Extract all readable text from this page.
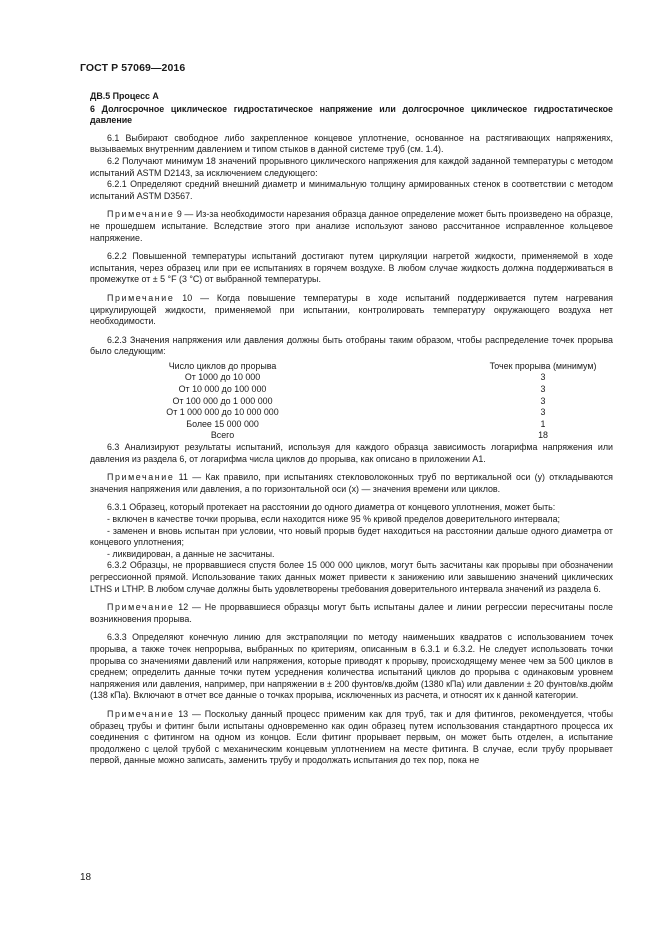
ГОСТ Р 57069—2016

ДВ.5 Процесс А

6 Долгосрочное циклическое гидростатическое напряжение или долгосрочное циклическое гидростатическое давление

6.1 Выбирают свободное либо закрепленное концевое уплотнение, основанное на растягивающих напряжениях, вызываемых внутренним давлением и типом стыков в данной системе труб (см. 1.4).

6.2 Получают минимум 18 значений прорывного циклического напряжения для каждой заданной температуры с методом испытаний ASTM D2143, за исключением следующего:

6.2.1 Определяют средний внешний диаметр и минимальную толщину армированных стенок в соответствии с методом испытаний ASTM D3567.

Примечание 9 — Из-за необходимости нарезания образца данное определение может быть произведено на образце, не прошедшем испытание. Вследствие этого при анализе используют заново рассчитанное исправленное кольцевое напряжение.

6.2.2 Повышенной температуры испытаний достигают путем циркуляции нагретой жидкости, применяемой в ходе испытания, через образец или при ее испытаниях в горячем воздухе. В любом случае жидкость должна поддерживаться в промежутке от ± 5 °F (3 °C) от выбранной температуры.

Примечание 10 — Когда повышение температуры в ходе испытаний поддерживается путем нагревания циркулирующей жидкости, применяемой при испытании, контролировать температуру окружающего воздуха нет необходимости.

6.2.3 Значения напряжения или давления должны быть отобраны таким образом, чтобы распределение точек прорыва было следующим:

Число циклов до прорыва	Точек прорыва (минимум)
От 1000 до 10 000	3
От 10 000 до 100 000	3
От 100 000 до 1 000 000	3
От 1 000 000 до 10 000 000	3
Более 15 000 000	1
Всего	18

6.3 Анализируют результаты испытаний, используя для каждого образца зависимость логарифма напряжения или давления из раздела 6, от логарифма числа циклов до прорыва, как описано в приложении А1.

Примечание 11 — Как правило, при испытаниях стекловолоконных труб по вертикальной оси (y) откладываются значения напряжения или давления, а по горизонтальной оси (x) — значения времени или циклов.

6.3.1 Образец, который протекает на расстоянии до одного диаметра от концевого уплотнения, может быть:

- включен в качестве точки прорыва, если находится ниже 95 % кривой пределов доверительного интервала;

- заменен и вновь испытан при условии, что новый прорыв будет находиться на расстоянии дальше одного диаметра от концевого уплотнения;

- ликвидирован, а данные не засчитаны.

6.3.2 Образцы, не прорвавшиеся спустя более 15 000 000 циклов, могут быть засчитаны как прорывы при обозначении регрессионной прямой. Использование таких данных может привести к занижению или завышению значений циклических LTHS и LTHP. В любом случае должны быть удовлетворены требования доверительного интервала значений из раздела 6.

Примечание 12 — Не прорвавшиеся образцы могут быть испытаны далее и линии регрессии пересчитаны после возникновения прорыва.

6.3.3 Определяют конечную линию для экстраполяции по методу наименьших квадратов с использованием точек прорыва, а также точек непрорыва, выбранных по критериям, описанным в 6.3.1 и 6.3.2. Не следует использовать точки прорыва со значениями давлений или напряжения, которые приводят к прорыву, происходящему менее чем за 500 циклов в среднем; определить данные точки путем усреднения количества испытаний циклов до прорыва с одинаковым уровнем напряжения или давления, например, при напряжении в ± 200 фунтов/кв.дюйм (1380 кПа) или давлении ± 20 фунтов/кв.дюйм (138 кПа). Включают в отчет все данные о точках прорыва, исключенных из расчета, и относят их к данной категории.

Примечание 13 — Поскольку данный процесс применим как для труб, так и для фитингов, рекомендуется, чтобы образец трубы и фитинг были испытаны одновременно как один образец путем использования стандартного процесса их соединения с фитингом на одном из концов. Если фитинг прорывает первым, он может быть отделен, а испытание продолжено с целой трубой с механическим концевым уплотнением на месте фитинга. В случае, если трубу прорывает первой, данные можно записать, заменить трубу и продолжать испытания до тех пор, пока не

18
